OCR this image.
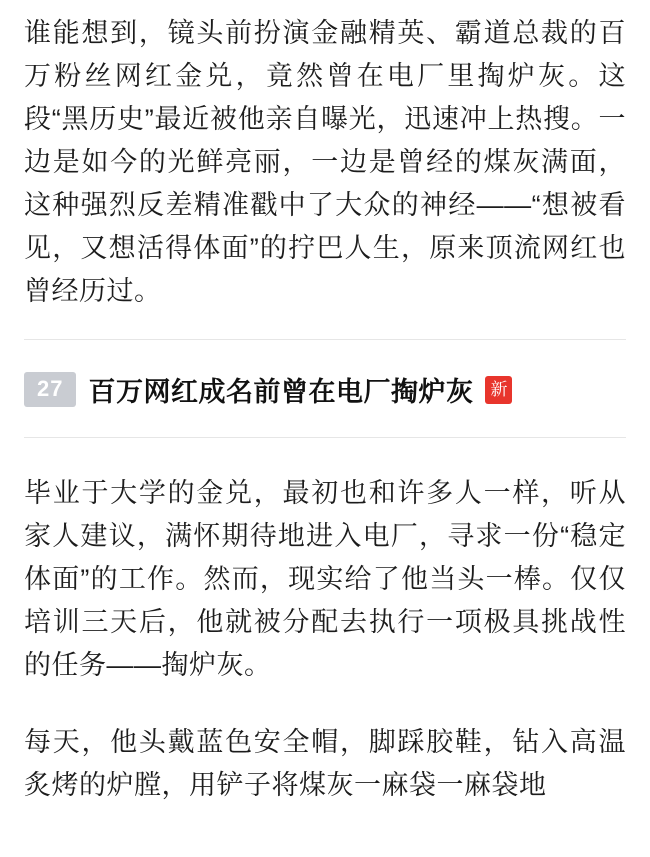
谁能想到，镜头前扮演金融精英、霸道总裁的百万粉丝网红金兑，竟然曾在电厂里掏炉灰。这段“黑历史”最近被他亲自曝光，迅速冲上热搜。一边是如今的光鲜亮丽，一边是曾经的煤灰满面，这种强烈反差精准戳中了大众的神经——“想被看见，又想活得体面”的拧巴人生，原来顶流网红也曾经历过。

27 百万网红成名前曾在电厂掏炉灰 新

毕业于大学的金兑，最初也和许多人一样，听从家人建议，满怀期待地进入电厂，寻求一份“稳定体面”的工作。然而，现实给了他当头一棒。仅仅培训三天后，他就被分配去执行一项极具挑战性的任务——掏炉灰。

每天，他头戴蓝色安全帽，脚踩胶鞋，钻入高温炙烤的炉膛，用铲子将煤灰一麻袋一麻袋地
